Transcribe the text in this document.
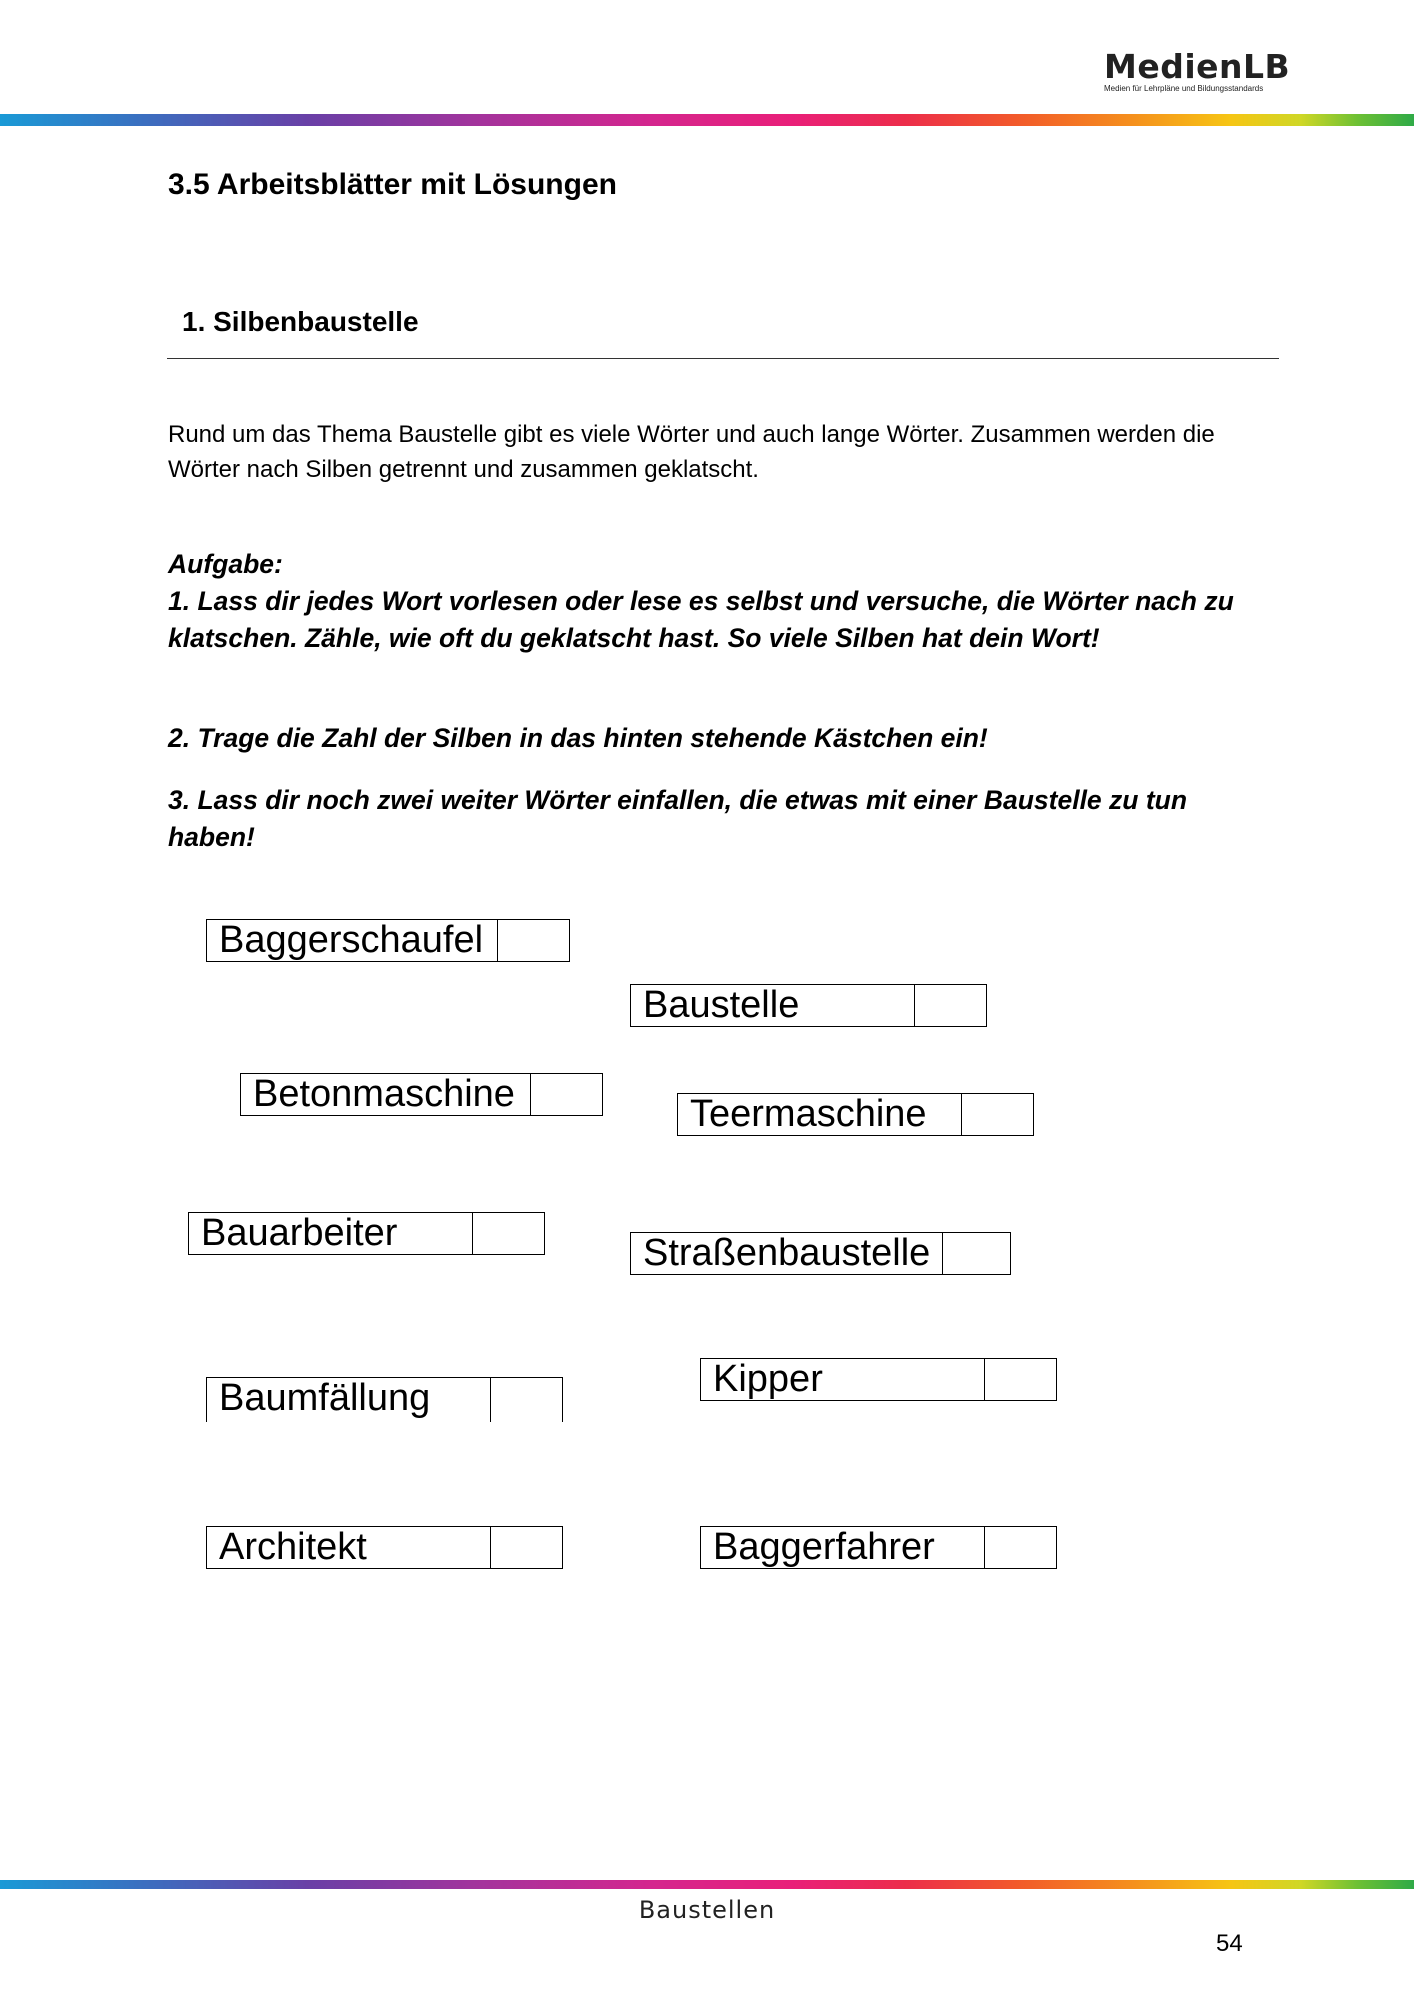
MedienLB
Medien für Lehrpläne und Bildungsstandards
3.5 Arbeitsblätter mit Lösungen
1. Silbenbaustelle

Rund um das Thema Baustelle gibt es viele Wörter und auch lange Wörter. Zusammen werden die Wörter nach Silben getrennt und zusammen geklatscht.

Aufgabe:

1. Lass dir jedes Wort vorlesen oder lese es selbst und versuche, die Wörter nach zu klatschen. Zähle, wie oft du geklatscht hast. So viele Silben hat dein Wort!

2. Trage die Zahl der Silben in das hinten stehende Kästchen ein!

3. Lass dir noch zwei weiter Wörter einfallen, die etwas mit einer Baustelle zu tun haben!

Baggerschaufel
Baustelle
Betonmaschine	Teermaschine
Bauarbeiter	Straßenbaustelle
Baumfällung	Kipper
Architekt	Baggerfahrer
Baustellen
54
